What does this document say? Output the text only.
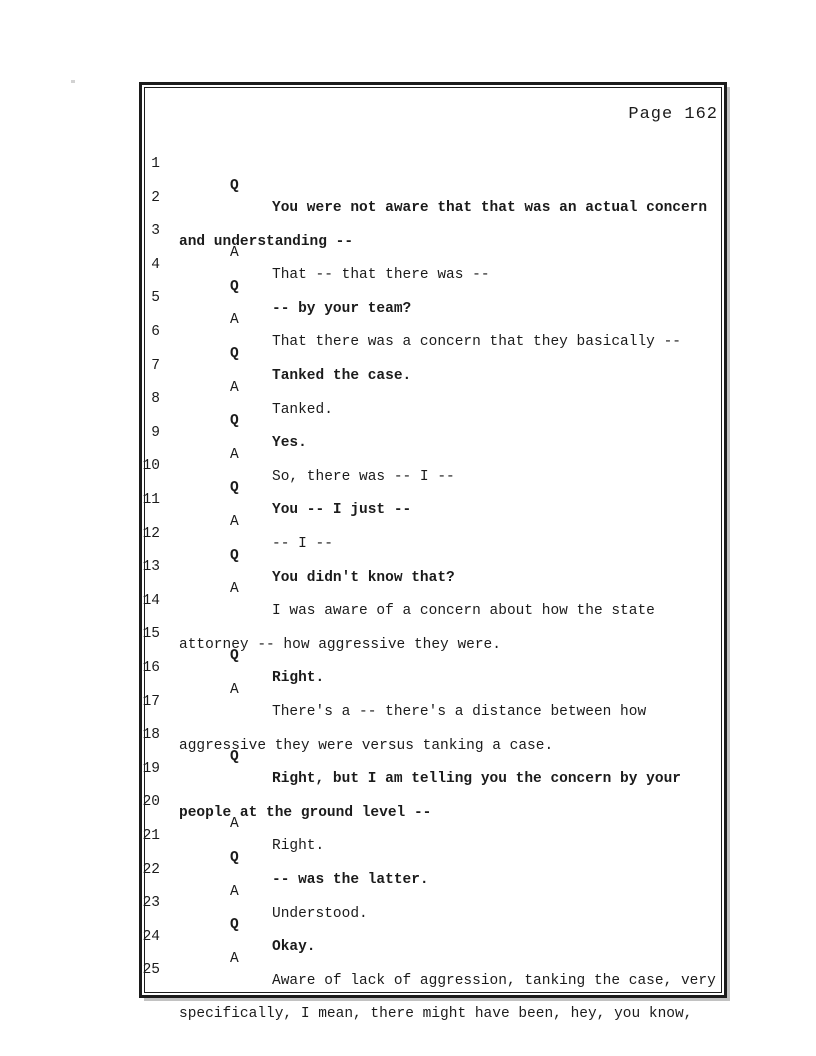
Page 162

1

Q

You were not aware that that was an actual concern

2

and understanding --

3

A

That -- that there was --

4

Q

-- by your team?

5

A

That there was a concern that they basically --

6

Q

Tanked the case.

7

A

Tanked.

8

Q

Yes.

9

A

So, there was -- I --

10

Q

You -- I just --

11

A

-- I --

12

Q

You didn't know that?

13

A

I was aware of a concern about how the state

14

attorney -- how aggressive they were.

15

Q

Right.

16

A

There's a -- there's a distance between how

17

aggressive they were versus tanking a case.

18

Q

Right, but I am telling you the concern by your

19

people at the ground level --

20

A

Right.

21

Q

-- was the latter.

22

A

Understood.

23

Q

Okay.

24

A

Aware of lack of aggression, tanking the case, very

25

specifically, I mean, there might have been, hey, you know,
